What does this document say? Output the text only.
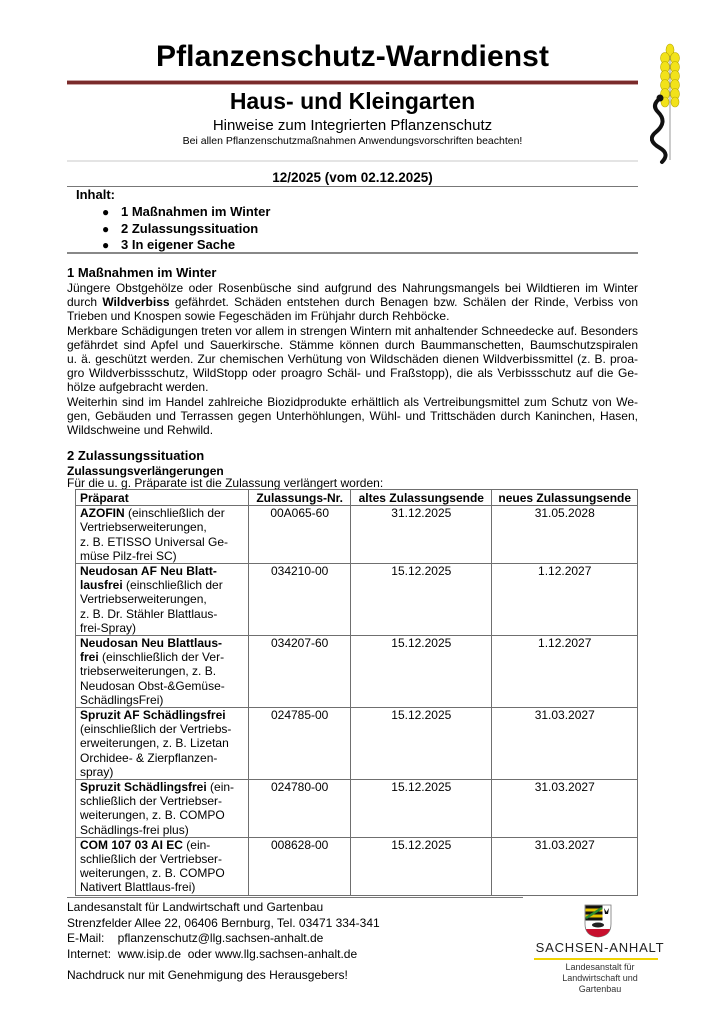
Pflanzenschutz-Warndienst
Haus- und Kleingarten
Hinweise zum Integrierten Pflanzenschutz
Bei allen Pflanzenschutzmaßnahmen Anwendungsvorschriften beachten!
12/2025 (vom 02.12.2025)
Inhalt:
● 1 Maßnahmen im Winter
● 2 Zulassungssituation
● 3 In eigener Sache
1 Maßnahmen im Winter
Jüngere Obstgehölze oder Rosenbüsche sind aufgrund des Nahrungsmangels bei Wildtieren im Winter
durch Wildverbiss gefährdet. Schäden entstehen durch Benagen bzw. Schälen der Rinde, Verbiss von
Trieben und Knospen sowie Fegeschäden im Frühjahr durch Rehböcke.
Merkbare Schädigungen treten vor allem in strengen Wintern mit anhaltender Schneedecke auf. Besonders
gefährdet sind Apfel und Sauerkirsche. Stämme können durch Baummanschetten, Baumschutzspiralen
u. ä. geschützt werden. Zur chemischen Verhütung von Wildschäden dienen Wildverbissmittel (z. B. proa-
gro Wildverbissschutz, WildStopp oder proagro Schäl- und Fraßstopp), die als Verbissschutz auf die Ge-
hölze aufgebracht werden.
Weiterhin sind im Handel zahlreiche Biozidprodukte erhältlich als Vertreibungsmittel zum Schutz von We-
gen, Gebäuden und Terrassen gegen Unterhöhlungen, Wühl- und Trittschäden durch Kaninchen, Hasen,
Wildschweine und Rehwild.
2 Zulassungssituation
Zulassungsverlängerungen
Für die u. g. Präparate ist die Zulassung verlängert worden:
Präparat	Zulassungs-Nr.	altes Zulassungsende	neues Zulassungsende

AZOFIN (einschließlich der
Vertriebserweiterungen,
z. B. ETISSO Universal Ge-
müse Pilz-frei SC)	00A065-60	31.12.2025	31.05.2028

Neudosan AF Neu Blatt-
lausfrei (einschließlich der
Vertriebserweiterungen,
z. B. Dr. Stähler Blattlaus-
frei-Spray)	034210-00	15.12.2025	1.12.2027

Neudosan Neu Blattlaus-
frei (einschließlich der Ver-
triebserweiterungen, z. B.
Neudosan Obst-&Gemüse-
SchädlingsFrei)	034207-60	15.12.2025	1.12.2027

Spruzit AF Schädlingsfrei
(einschließlich der Vertriebs-
erweiterungen, z. B. Lizetan
Orchidee- & Zierpflanzen-
spray)	024785-00	15.12.2025	31.03.2027

Spruzit Schädlingsfrei (ein-
schließlich der Vertriebser-
weiterungen, z. B. COMPO
Schädlings-frei plus)	024780-00	15.12.2025	31.03.2027

COM 107 03 AI EC (ein-
schließlich der Vertriebser-
weiterungen, z. B. COMPO
Nativert Blattlaus-frei)	008628-00	15.12.2025	31.03.2027
Landesanstalt für Landwirtschaft und Gartenbau
Strenzfelder Allee 22, 06406 Bernburg, Tel. 03471 334-341
E-Mail:    pflanzenschutz@llg.sachsen-anhalt.de
Internet:  www.isip.de  oder www.llg.sachsen-anhalt.de
Nachdruck nur mit Genehmigung des Herausgebers!
SACHSEN-ANHALT
Landesanstalt für
Landwirtschaft und
Gartenbau
